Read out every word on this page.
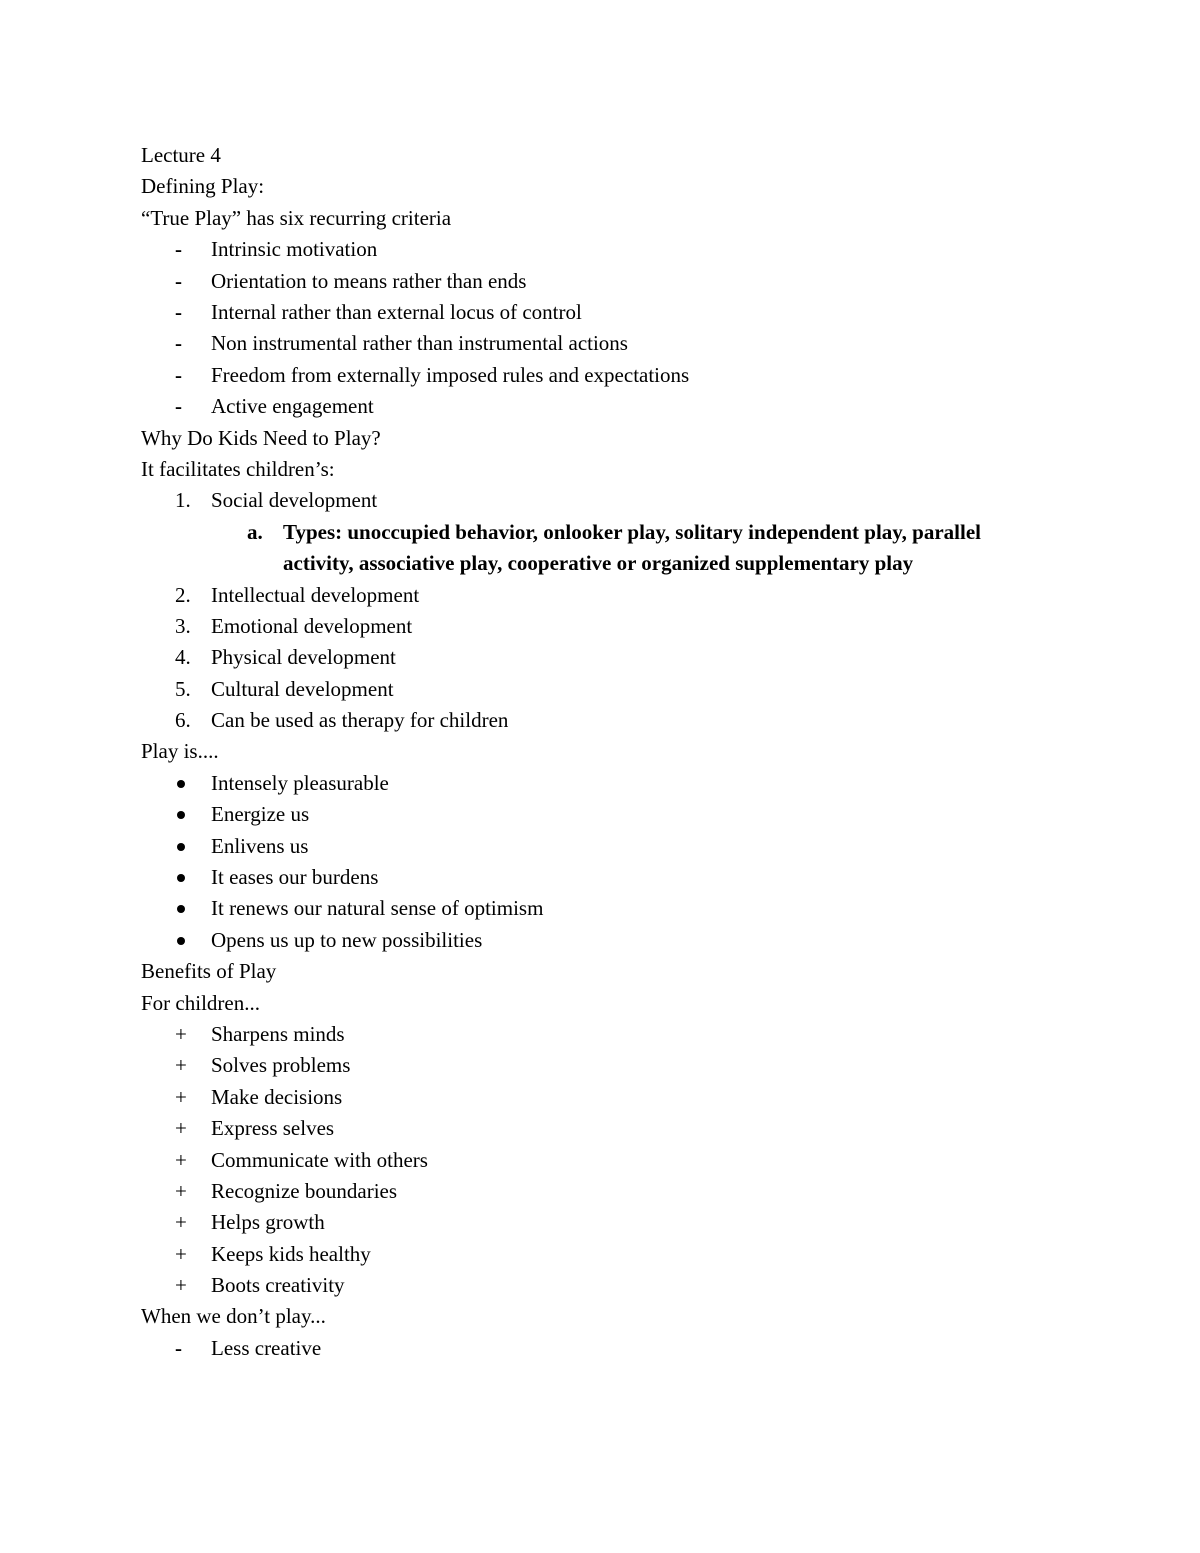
Lecture 4
Defining Play:
“True Play” has six recurring criteria
-	Intrinsic motivation
-	Orientation to means rather than ends
-	Internal rather than external locus of control
-	Non instrumental rather than instrumental actions
-	Freedom from externally imposed rules and expectations
-	Active engagement
Why Do Kids Need to Play?
It facilitates children’s:
1. Social development
a. Types: unoccupied behavior, onlooker play, solitary independent play, parallel activity, associative play, cooperative or organized supplementary play
2. Intellectual development
3. Emotional development
4. Physical development
5. Cultural development
6. Can be used as therapy for children
Play is....
Intensely pleasurable
Energize us
Enlivens us
It eases our burdens
It renews our natural sense of optimism
Opens us up to new possibilities
Benefits of Play
For children...
+	Sharpens minds
+	Solves problems
+	Make decisions
+	Express selves
+	Communicate with others
+	Recognize boundaries
+	Helps growth
+	Keeps kids healthy
+	Boots creativity
When we don’t play...
-	Less creative
